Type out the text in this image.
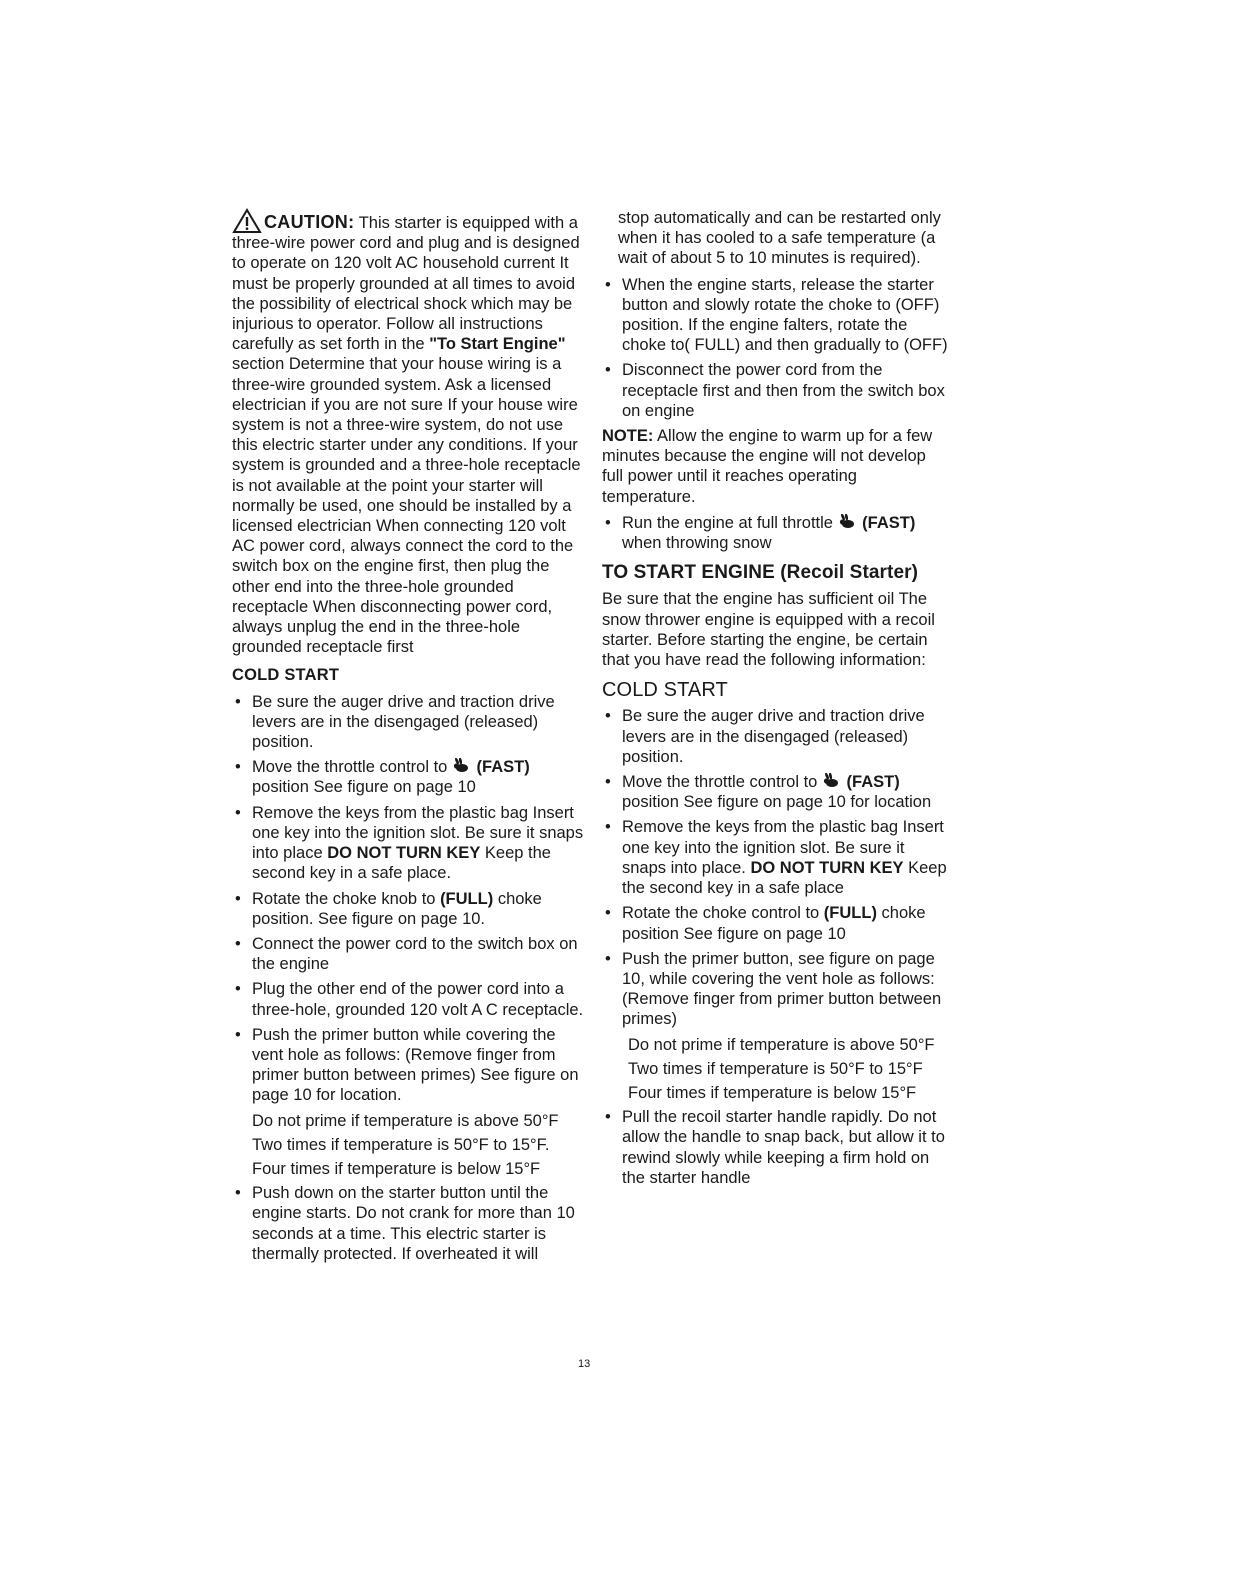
CAUTION: This starter is equipped with a three-wire power cord and plug and is designed to operate on 120 volt AC household current It must be properly grounded at all times to avoid the possibility of electrical shock which may be injurious to operator. Follow all instructions carefully as set forth in the "To Start Engine" section Determine that your house wiring is a three-wire grounded system. Ask a licensed electrician if you are not sure If your house wire system is not a three-wire system, do not use this electric starter under any conditions. If your system is grounded and a three-hole receptacle is not available at the point your starter will normally be used, one should be installed by a licensed electrician When connecting 120 volt AC power cord, always connect the cord to the switch box on the engine first, then plug the other end into the three-hole grounded receptacle When disconnecting power cord, always unplug the end in the three-hole grounded receptacle first

COLD START
• Be sure the auger drive and traction drive levers are in the disengaged (released) position.
• Move the throttle control to (FAST) position See figure on page 10
• Remove the keys from the plastic bag Insert one key into the ignition slot. Be sure it snaps into place DO NOT TURN KEY Keep the second key in a safe place.
• Rotate the choke knob to (FULL) choke position. See figure on page 10.
• Connect the power cord to the switch box on the engine
• Plug the other end of the power cord into a three-hole, grounded 120 volt A C receptacle.
• Push the primer button while covering the vent hole as follows: (Remove finger from primer button between primes) See figure on page 10 for location.
Do not prime if temperature is above 50°F
Two times if temperature is 50°F to 15°F.
Four times if temperature is below 15°F
• Push down on the starter button until the engine starts. Do not crank for more than 10 seconds at a time. This electric starter is thermally protected. If overheated it will

stop automatically and can be restarted only when it has cooled to a safe temperature (a wait of about 5 to 10 minutes is required).

• When the engine starts, release the starter button and slowly rotate the choke to (OFF) position. If the engine falters, rotate the choke to( FULL) and then gradually to (OFF)
• Disconnect the power cord from the receptacle first and then from the switch box on engine

NOTE: Allow the engine to warm up for a few minutes because the engine will not develop full power until it reaches operating temperature.

• Run the engine at full throttle (FAST) when throwing snow
TO START ENGINE (Recoil Starter)

Be sure that the engine has sufficient oil The snow thrower engine is equipped with a recoil starter. Before starting the engine, be certain that you have read the following information:

COLD START
• Be sure the auger drive and traction drive levers are in the disengaged (released) position.
• Move the throttle control to (FAST) position See figure on page 10 for location
• Remove the keys from the plastic bag Insert one key into the ignition slot. Be sure it snaps into place. DO NOT TURN KEY Keep the second key in a safe place
• Rotate the choke control to (FULL) choke position See figure on page 10
• Push the primer button, see figure on page 10, while covering the vent hole as follows: (Remove finger from primer button between primes)
Do not prime if temperature is above 50°F
Two times if temperature is 50°F to 15°F
Four times if temperature is below 15°F
• Pull the recoil starter handle rapidly. Do not allow the handle to snap back, but allow it to rewind slowly while keeping a firm hold on the starter handle
13
